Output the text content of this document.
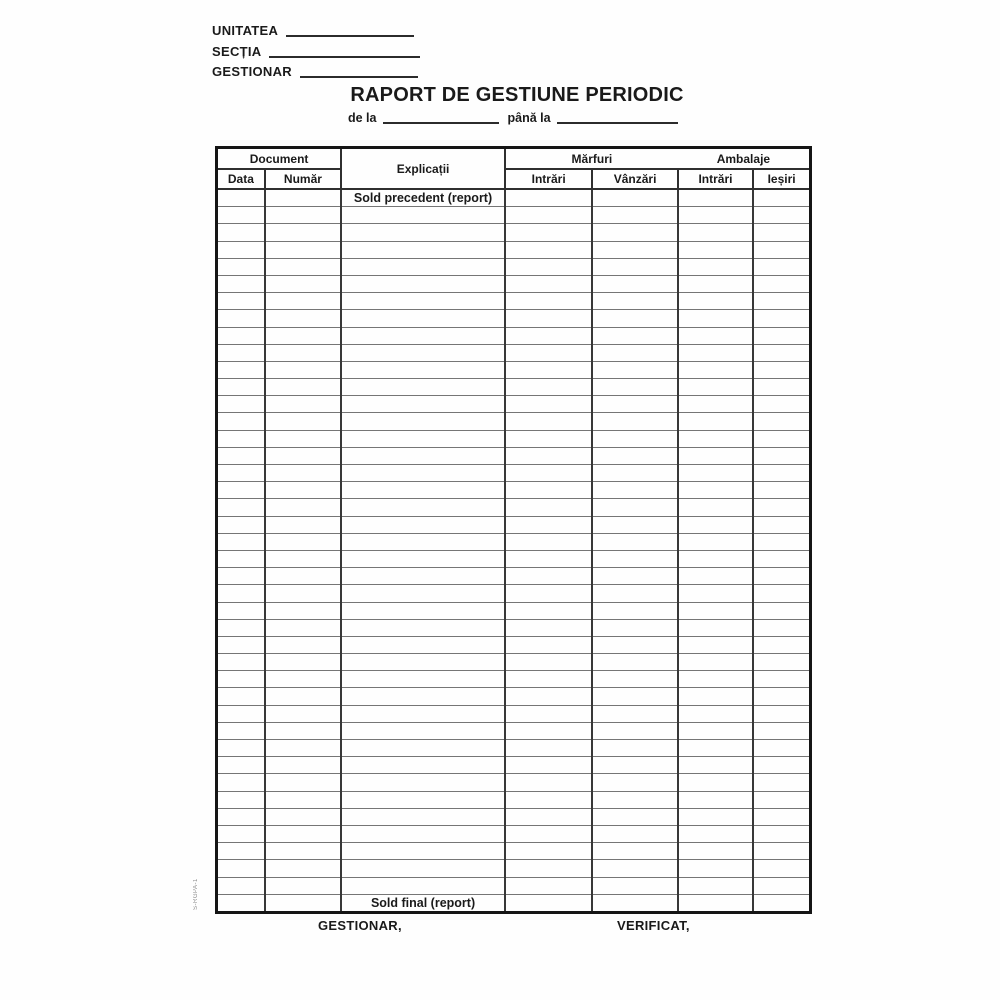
UNITATEA
SECȚIA
GESTIONAR
RAPORT DE GESTIUNE PERIODIC
de la	până la
Document		Explicații	Mărfuri		Ambalaje	
Data	Număr		Intrări	Vânzări	Intrări	Ieșiri
		Sold precedent (report)				

		Sold final (report)				
GESTIONAR,	VERIFICAT,
S-RGPA-1
